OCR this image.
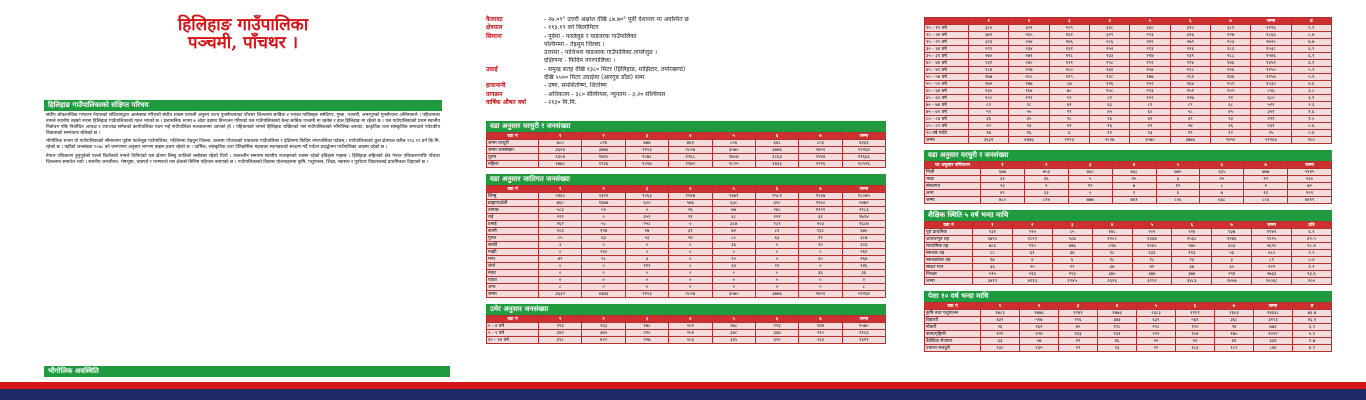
हिलिहाङ गाउँपालिका
पञ्चमी, पाँचथर ।
हिलिहाङ गाउँपालिकाको संक्षिप्त परिचय
संघीय लोकतान्त्रिक गणतन्त्र नेपालको संविधानद्वारा आत्मसात गरिएको संघीय शासन प्रणाली अनुरुप राज्य पुनर्संरचनाका पाँचथर जिल्लामा साबिक ४ भएका गाविसहरु समेटिएर, गुम्बा, पञ्चमी, अमरपुरको पुनर्संरचना अन्तिमताले । पहिचानका नामले स्थानीय तहको रुपमा हिलिहाङ गाउँपालिकाको गठन भएको छ । प्रशासनिक रुपमा ७ ओटा वडामा विभाजन गरिएको यस गाउँपालिकाको केन्द्र साबिक पञ्चमी मा रहनेछ र हाल हिलिहाङ मा रहेको छ । यस गाउँपालिकाको प्रथम स्थानीय निर्वाचन पछि निर्वाचित अध्यक्ष र उपाध्यक्ष समेतको कार्यपालिका गठन भई गाउँपालिका सञ्चालनमा आएको हो । पहिचानको नामले हिलिहाङ राखिएको यस गाउँपालिकाको भौगोलिक बनावट, प्राकृतिक तथा सांस्कृतिक सम्पदाले पर्यटकीय विकासको सम्भावना बोकेको छ ।
भौगोलिक रुपमा यो गाउँपालिकाको सीमानामा पूर्वमा फालेलुङ गाउँपालिका, पश्चिममा तेह्रथुम जिल्ला, उत्तरमा पाँचथरको याङवरक गाउँपालिका र दक्षिणमा फिदिम नगरपालिका पर्दछन् । गाउँपालिकाको कुल क्षेत्रफल करिब ११३.१९ वर्ग कि.मि. रहेको छ । यहाँको जनसंख्या २०७८ को जनगणना अनुसार लगभग बाइस हजार रहेको छ । धार्मिक, सांस्कृतिक तथा ऐतिहासिक महत्वका स्थानहरुको संरक्षण गर्दै पर्यटन प्रवर्द्धनमा गाउँपालिका अग्रसर रहेको छ ।
नेपाल एकिकरण हुनुपूर्वको पल्लो किराँतको नामले चिनिएको यस क्षेत्रमा लिम्बु जातिको बसोबास रहेको थियो । तत्कालीन समयमा स्थानीय राजाहरुको शासन रहेको इतिहास पाइन्छ । हिलिहाङ सहितको क्षेत्र नेपाल एकिकरणपछि पाँचथर जिल्लामा समावेश भयो । स्थानीय जनजीवन, भेषभूषा, चाडपर्व र परम्पराले यस क्षेत्रको विशिष्ट पहिचान बनाएको छ । गाउँपालिकाको विकास योजनाहरुमा कृषि, पशुपालन, शिक्षा, स्वास्थ्य र पूर्वाधार विकासलाई प्राथमिकता दिइएको छ ।
भौगोलिक अवस्थिति
फैलावट	- २७.०९° उत्तरी अक्षांश देखि ८७.७०° पूर्वी देशान्तर मा अवस्थित छ
क्षेत्रफल	- ११३.१९ वर्ग किलोमिटर
सिमाना	- पूर्वमा - फालेलुङ र याङवरक गाउँपालिका
पश्चिममा - तेह्रथुम जिल्ला ।
उत्तरमा - पाथिभरा याङवरक गाउँपालिका ताप्लेजुङ ।
दक्षिणमा - फिदिम नगरपालिका ।
उचाई	- समुन्द्र सतह देखि १३८० मिटर (हिलिहाङ, माझिटार, तमोरखण्ड)
देखि ५५०० मिटर उचाईमा (आरगुङ डाँडा) सम्म
हावापानी	- उष्ण, समशितोष्ण, शितोष्ण
तापक्रम	- अधिकतम - ३८० सेल्सियस, न्यूनतम - ३.२० सेल्सियस
वार्षिक औषत वर्षा	- २१३० मि.मि.
वडा अनुसार घरधुरी र जनसंख्या
वडा नं	१	२	३	४	५	६	७	जम्मा
जम्मा घरधुरी	७८०	८२४	७७७	७६१	८०६	६६८	८०३	४३३३
जम्मा जनसंख्या	३६२४	३७७६	२१२३	२८२७	३५७०	३७७६	२४५१	२२२६४
पुरुष	१३०४	१७२०	१०७८	१२६८	१७०७	१८६३	२२४४	११६६६
महिला	१७७८	१२३६	१०१७	११७९	१८२५	१४३६	१९१६	१०५२६
वडा अनुसार जातिगत जनसंख्या
वडा नं	१	२	३	४	५	६	७	जम्मा
लिम्बु	२४६०	२३११	१०६३	११४७	२३७१	२५८१	११३७	१८०७५
ब्राह्मण/क्षेत्री	७६०	१३७७	६००	५७६	६३८	३५८	११६०	५४७२
तामाङ	५८३	५९	०	२६	७७	२४८	११९१	२१८३
राई	२२९	०	३५२	९१	६८	२२२	३१	१७९४
दमाई	२६२	५८	२५८	०	३८७	२८९	२०३	१६८७
कामी	१०३	१२७	१७	३१	७१	८१	१३८	६७०
गुरुङ	८५	६३	५३	२४	८८	६३	११	३८७
सार्की	३	०	०	०	३६	०	१०	३०३
माझी	०	२६१	०	०	०	०	०	२६१
मगर	४९	२८	३	०	१०	०	३०	१६४
शेर्पा	०	०	१११	०	३३	१२	०	१४६
नेवार	०	०	०	०	०	०	३६	३६
यादव	०	०	०	०	०	०	०	०
अन्य	८	०	०	०	०	०	०	८
जम्मा	३६३२	४३७६	२१२३	२८२७	३५७०	३७७६	२४५१	२२२६४
उमेर अनुसार जनसंख्या
वडा नं	१	२	३	४	५	६	७	जम्मा
० - ४ वर्ष	२१३	२६३	१७८	२०१	२७८	२९३	१४४	१५७०
५ - ९ वर्ष	३४२	३७५	२१०	२५१	३४८	३६७	२१०	२१०३
१० - १४ वर्ष	३९८	४२२	२१७	२८६	३६५	३९०	२३३	२३११
	१	२	३	४	५	६	७	जम्मा	प्र
१५ - १९ वर्ष	३८५	३०१	१०९	३१८	३६०	३९०	३८१	२२१६	९.९
२० - २४ वर्ष	३७९	२६५	१६१	३२९	२९३	३२६	२२७	१८६६	८.४
२५ - २९ वर्ष	३२३	२३४	१४६	२८६	२४९	२७९	२०३	१७२०	७.७
३० - ३४ वर्ष	२९९	२३४	१३१	२५२	२१३	२२६	१८३	१५३८	६.९
३५ - ३९ वर्ष	२७०	२७१	१२८	२३३	२१७	२३९	१८८	१५४६	६.९
४० - ४४ वर्ष	२३१	२४०	१२१	१९८	१९२	२२४	१४६	१३५२	६.१
४५ - ४९ वर्ष	१८४	२२७	१००	१६१	१५४	१९८	१२६	११५०	५.२
५० - ५४ वर्ष	१७७	२०८	११९	१२८	१७७	२०१	१४४	११५४	५.२
५५ - ५९ वर्ष	१७५	१७७	८७	११६	१५२	१६४	१५९	१०३०	४.६
६० - ६४ वर्ष	१३०	१६४	७८	१०८	१२३	१५१	१०२	८५६	३.८
६५ - ६९ वर्ष	१०८	१२२	५९	८१	१०२	११७	९१	६८०	३.१
७० - ७४ वर्ष	८२	९८	४१	६३	८१	८९	६८	५२२	२.३
७५ - ७९ वर्ष	५९	५५	२९	४५	६०	५८	४५	३५१	१.६
८० - ८४ वर्ष	३६	३५	१८	२६	४२	३९	२३	२१९	१.०
८५ - ८९ वर्ष	२२	२३	११	१६	१९	२४	१६	१३१	०.६
९० वर्ष माथि	१७	१६	६	१२	१३	१९	१२	९५	०.४
जम्मा	३६३२	४३७६	२१२३	२८२७	३५७०	३७७६	२४५१	२२२६४	१००
वडा अनुसार घरधुरी र जनसंख्या
घर अनुसार वर्गिकरण	१	२	३	४	५	६	७	जम्मा
निजी	६७७	७५३	७६०	७३८	७७५	६६५	७७७	५१४५
भाडा	३१	३६	५	१५	६	२५	१२	१३०
संस्थागत	२३	२	१२	७	१९	८	१	७२
अन्य	४९	३३	०	१	६	७	१३	१०९
जम्मा	७८०	८२४	७७७	७६१	८०६	६६८	८०३	४४१९
शैक्षिक स्थिति ५ वर्ष भन्दा माथि
वडा नं	१	२	३	४	५	६	७	जम्मा	प्रति
पूर्व प्राथमिक	२३१	२१५	८५	१४८	२०२	२२४	१३७	१२४२	६.१
आधारभूत तह	१७९०	१८२९	९८७	११०८	१३६७	१५६८	१२७६	९९२५	४९.५
माध्यमिक तह	७८६	९९०	४७६	८१७	१०४८	९७०	६०३	५६९०	२८.४
स्नातक तह	८८	६१	३४	९८	१३३	११३	५३	५८०	२.९
स्नातकोत्तर तह	१७	४	६	१८	१८	२३	३	८९	०.४
साक्षर मात्र	३६	२५	१९	३४	४१	३७	३०	२२२	१.१
निरक्षर	५१५	५१३	२९३	३७०	३७४	३७४	२९४	२७३३	१३.६
जम्मा	३४१९	४११३	१९४५	२६२६	३२९२	३४८३	२४०७	२००६८	१००
पेशा १० वर्ष भन्दा माथि
वडा नं	१	२	३	४	५	६	७	जम्मा	प्र
कृषि तथा पशुपालन	१७८३	१७७६	११४१	१७७३	२३८३	११११	१६०३	१४६३८	७३.७
विद्यार्थी	४३९	५१७	२९६	३७३	६३९	५६१	३६८	३१९३	१६.१
नोकरी	९६	१६२	४५	१२८	१२८	१२०	९४	७७३	३.९
काम/गृहिणी	१२९	१२४	१३३	१३१	२२१	१०४	१७०	१०१२	५.१
वैदेशिक रोजगार	६३	५७	२२	४६	५२	५१	४१	३३२	१.७
ज्याला मजदुरी	१३०	१३५	२९	९३	९२	१८३	१८२	८४४	४.२
